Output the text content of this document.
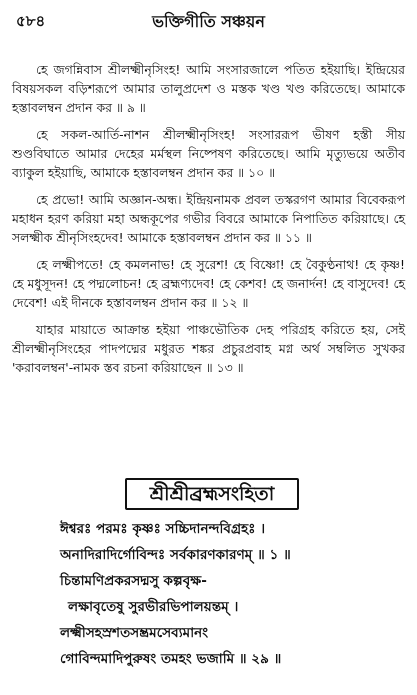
৫৮৪	ভক্তিগীতি সঞ্চয়ন

হে জগন্নিবাস শ্রীলক্ষ্মীনৃসিংহ! আমি সংসারজালে পতিত হইয়াছি। ইন্দ্রিয়ের বিষয়সকল বড়িশরূপে আমার তালুপ্রদেশ ও মস্তক খণ্ড খণ্ড করিতেছে। আমাকে হস্তাবলম্বন প্রদান কর ॥ ৯ ॥

হে সকল-আর্তি-নাশন শ্রীলক্ষ্মীনৃসিংহ! সংসাররূপ ভীষণ হস্তী সীয় শুণ্ডবিঘাতে আমার দেহের মর্মস্থল নিষ্পেষণ করিতেছে। আমি মৃত্যুভয়ে অতীব ব্যাকুল হইয়াছি, আমাকে হস্তাবলম্বন প্রদান কর ॥ ১০ ॥

হে প্রভো! আমি অজ্ঞান-অন্ধ। ইন্দ্রিয়নামক প্রবল তস্করগণ আমার বিবেকরূপ মহাধন হরণ করিয়া মহা অন্ধকূপের গভীর বিবরে আমাকে নিপাতিত করিয়াছে। হে সলক্ষ্মীক শ্রীনৃসিংহদেব! আমাকে হস্তাবলম্বন প্রদান কর ॥ ১১ ॥

হে লক্ষ্মীপতে! হে কমলনাভ! হে সুরেশ! হে বিষ্ণো! হে বৈকুণ্ঠনাথ! হে কৃষ্ণ! হে মধুসূদন! হে পদ্মলোচন! হে ব্রহ্মণ্যদেব! হে কেশব! হে জনার্দন! হে বাসুদেব! হে দেবেশ! এই দীনকে হস্তাবলম্বন প্রদান কর ॥ ১২ ॥

যাহার মায়াতে আক্রান্ত হইয়া পাঞ্চভৌতিক দেহ পরিগ্রহ করিতে হয়, সেই শ্রীলক্ষ্মীনৃসিংহের পাদপদ্মের মধুরত শঙ্কর প্রচুরপ্রবাহ মগ্ন অর্থ সম্বলিত সুখকর 'করাবলম্বন'-নামক স্তব রচনা করিয়াছেন ॥ ১৩ ॥

শ্রীশ্রীব্রহ্মসংহিতা
ঈশ্বরঃ পরমঃ কৃষ্ণঃ সচ্চিদানন্দবিগ্রহঃ ।
অনাদিরাদির্গোবিন্দঃ সর্বকারণকারণম্ ॥ ১ ॥
চিন্তামণিপ্রকরসদ্মসু কল্পবৃক্ষ-
লক্ষাবৃতেষু সুরভীরভিপালয়ন্তম্ ।
লক্ষ্মীসহস্রশতসম্ভ্রমসেব্যমানং
গোবিন্দমাদিপুরুষং তমহং ভজামি ॥ ২৯ ॥
